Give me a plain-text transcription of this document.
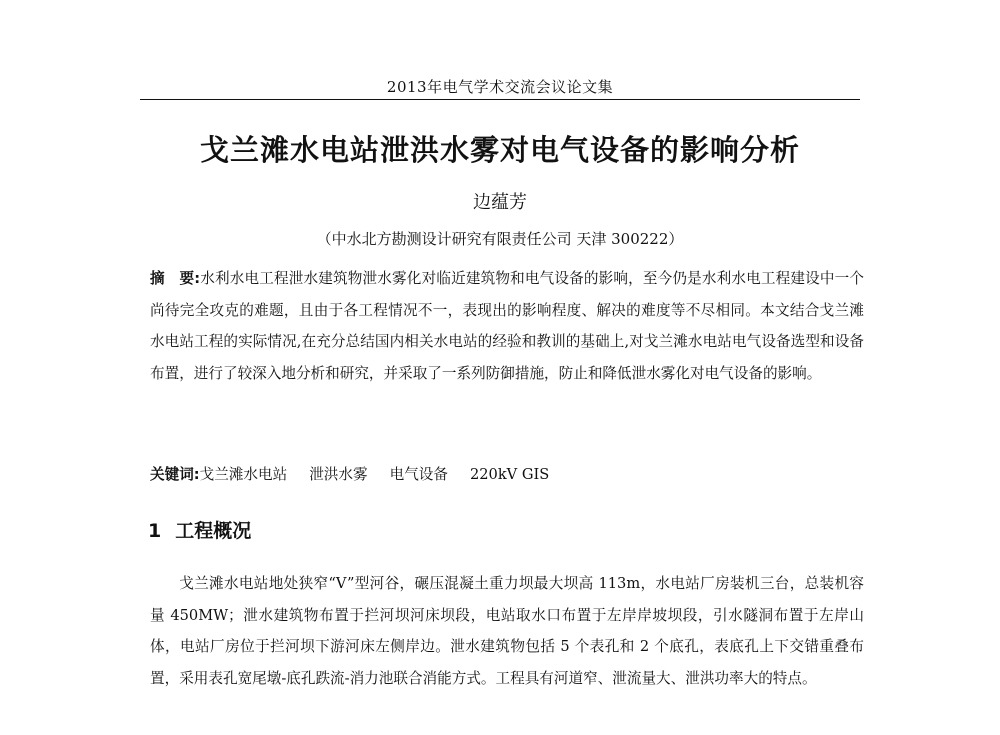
2013年电气学术交流会议论文集
戈兰滩水电站泄洪水雾对电气设备的影响分析
边蕴芳
（中水北方勘测设计研究有限责任公司 天津 300222）

摘　要:水利水电工程泄水建筑物泄水雾化对临近建筑物和电气设备的影响，至今仍是水利水电工程建设中一个尚待完全攻克的难题，且由于各工程情况不一，表现出的影响程度、解决的难度等不尽相同。本文结合戈兰滩水电站工程的实际情况,在充分总结国内相关水电站的经验和教训的基础上,对戈兰滩水电站电气设备选型和设备布置，进行了较深入地分析和研究，并采取了一系列防御措施，防止和降低泄水雾化对电气设备的影响。

关键词:戈兰滩水电站 泄洪水雾 电气设备 220kV GIS

1 工程概况

戈兰滩水电站地处狭窄“V”型河谷，碾压混凝土重力坝最大坝高 113m，水电站厂房装机三台，总装机容量 450MW；泄水建筑物布置于拦河坝河床坝段，电站取水口布置于左岸岸坡坝段，引水隧洞布置于左岸山体，电站厂房位于拦河坝下游河床左侧岸边。泄水建筑物包括 5 个表孔和 2 个底孔，表底孔上下交错重叠布置，采用表孔宽尾墩-底孔跌流-消力池联合消能方式。工程具有河道窄、泄流量大、泄洪功率大的特点。
